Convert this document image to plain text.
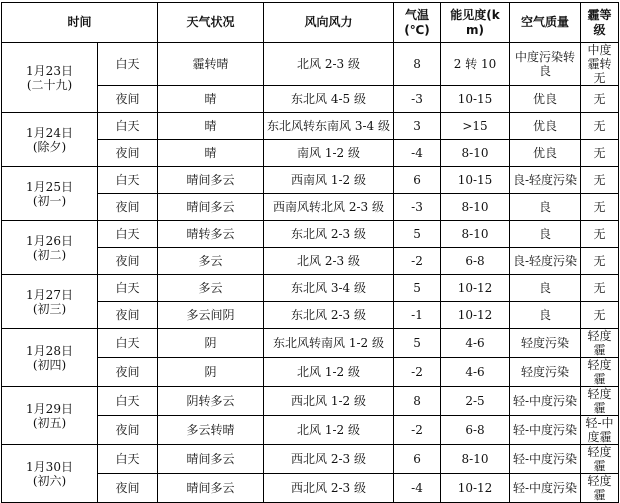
时间		天气状况	风向风力	气温(℃)	能见度(km)	空气质量	霾等级

1月23日
(二十九)	白天	霾转晴	北风 2-3 级	8	2 转 10	中度污染转良	中度霾转无
	夜间	晴	东北风 4-5 级	-3	10-15	优良	无

1月24日
(除夕)	白天	晴	东北风转东南风 3-4 级	3	>15	优良	无
	夜间	晴	南风 1-2 级	-4	8-10	优良	无

1月25日
(初一)	白天	晴间多云	西南风 1-2 级	6	10-15	良-轻度污染	无
	夜间	晴间多云	西南风转北风 2-3 级	-3	8-10	良	无

1月26日
(初二)	白天	晴转多云	东北风 2-3 级	5	8-10	良	无
	夜间	多云	北风 2-3 级	-2	6-8	良-轻度污染	无

1月27日
(初三)	白天	多云	东北风 3-4 级	5	10-12	良	无
	夜间	多云间阴	东北风 2-3 级	-1	10-12	良	无

1月28日
(初四)	白天	阴	东北风转南风 1-2 级	5	4-6	轻度污染	轻度霾
	夜间	阴	北风 1-2 级	-2	4-6	轻度污染	轻度霾

1月29日
(初五)	白天	阴转多云	西北风 1-2 级	8	2-5	轻-中度污染	轻度霾
	夜间	多云转晴	北风 1-2 级	-2	6-8	轻-中度污染	轻-中度霾

1月30日
(初六)	白天	晴间多云	西北风 2-3 级	6	8-10	轻-中度污染	轻度霾
	夜间	晴间多云	西北风 2-3 级	-4	10-12	轻-中度污染	轻度霾
